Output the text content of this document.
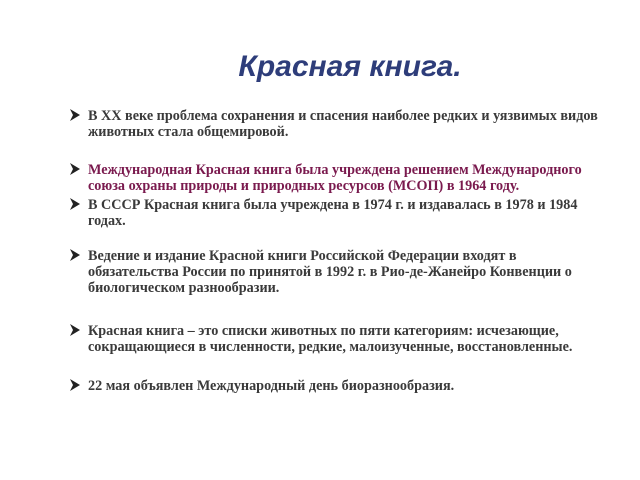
Красная книга.
В XX веке проблема сохранения и спасения наиболее редких и уязвимых видов животных стала общемировой.
Международная Красная книга была учреждена решением Международного союза охраны природы и природных ресурсов (МСОП) в 1964 году.
В СССР Красная книга была учреждена в 1974 г. и издавалась в 1978 и 1984 годах.
Ведение и издание Красной книги Российской Федерации входят в обязательства России по принятой в 1992 г. в Рио-де-Жанейро Конвенции о биологическом разнообразии.
Красная книга – это списки животных по пяти категориям: исчезающие, сокращающиеся в численности, редкие, малоизученные, восстановленные.
22 мая объявлен Международный день биоразнообразия.
